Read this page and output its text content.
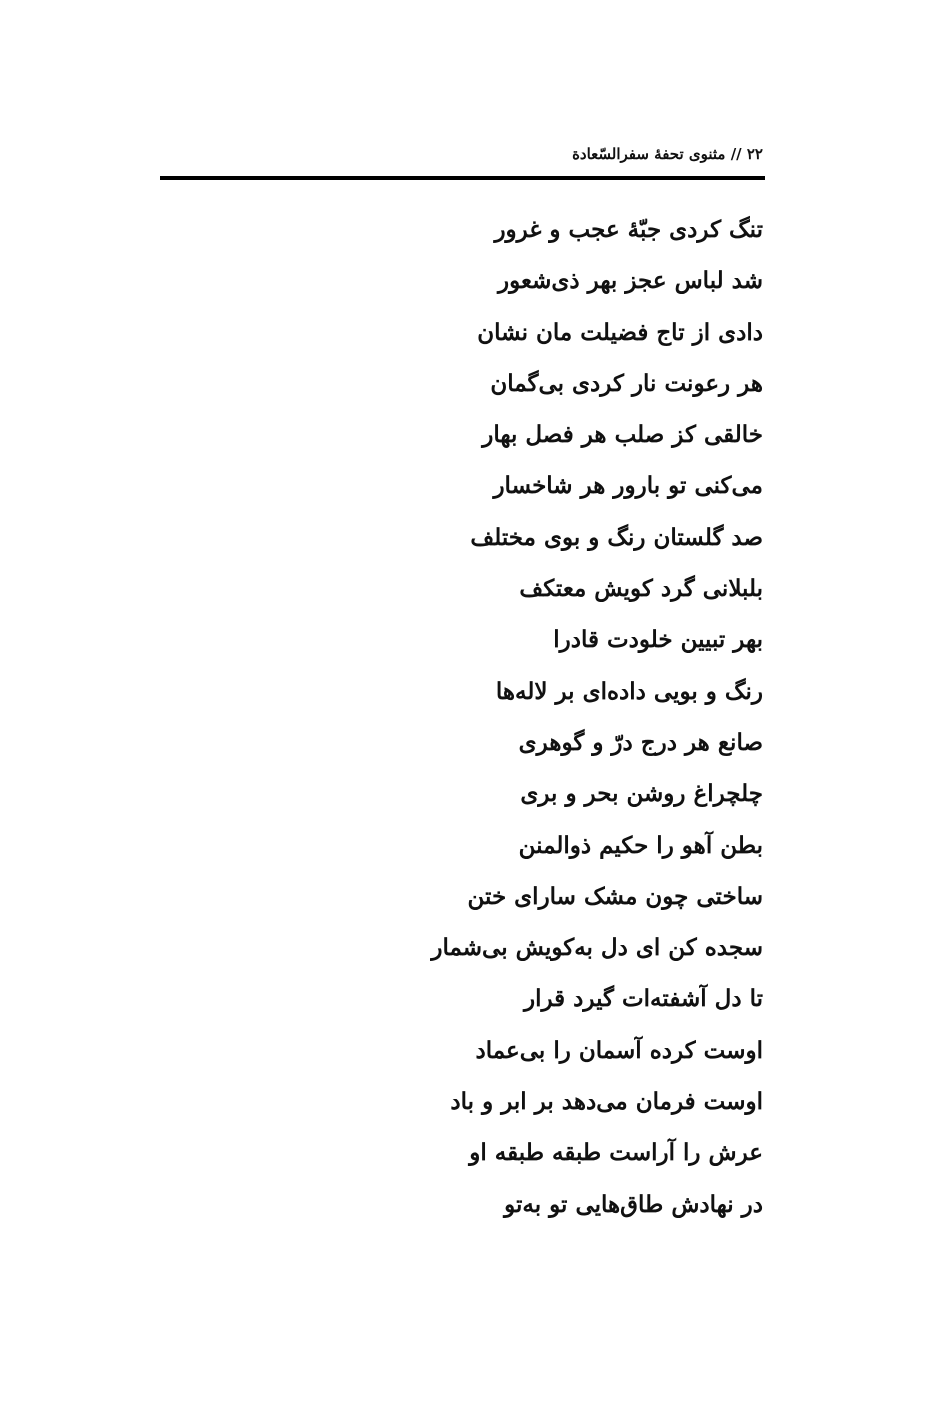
۲۲ // مثنوی تحفهٔ سفرالسّعادة
تنگ کردی جبّهٔ عجب و غرور
شد لباس عجز بهر ذی‌شعور
دادی از تاج فضیلت مان نشان
هر رعونت نار کردی بی‌گمان
خالقی کز صلب هر فصل بهار
می‌کنی تو بارور هر شاخسار
صد گلستان رنگ و بوی مختلف
بلبلانی گرد کویش معتکف
بهر تبیین خلودت قادرا
رنگ و بویی داده‌ای بر لاله‌ها
صانع هر درج درّ و گوهری
چلچراغ روشن بحر و بری
بطن آهو را حکیم ذوالمنن
ساختی چون مشک سارای ختن
سجده کن ای دل به‌کویش بی‌شمار
تا دل آشفته‌ات گیرد قرار
اوست کرده آسمان را بی‌عماد
اوست فرمان می‌دهد بر ابر و باد
عرش را آراست طبقه طبقه او
در نهادش طاق‌هایی تو به‌تو
